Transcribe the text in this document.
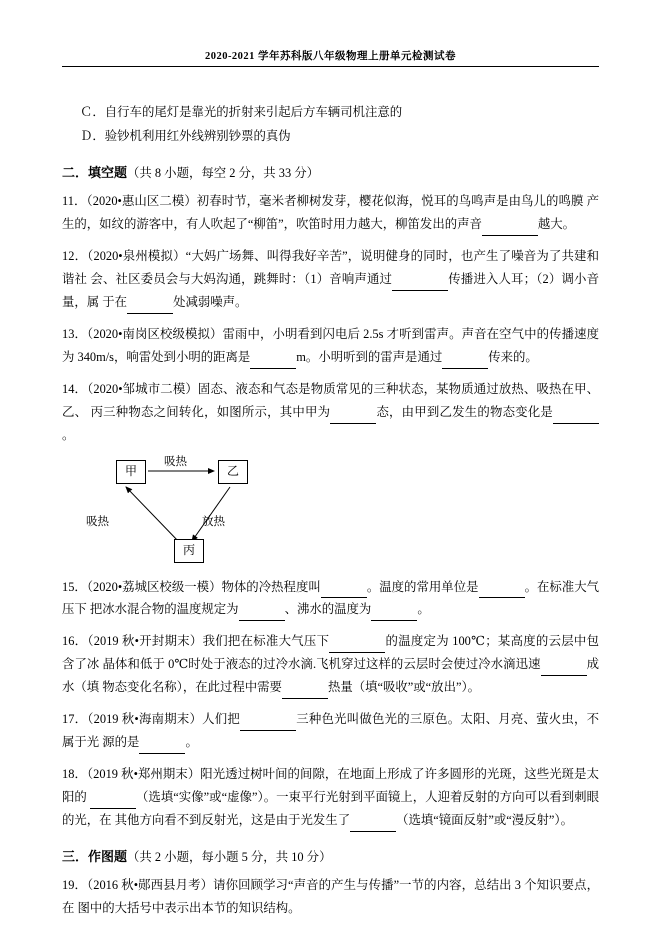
2020-2021 学年苏科版八年级物理上册单元检测试卷
Ｃ．自行车的尾灯是靠光的折射来引起后方车辆司机注意的
Ｄ．验钞机利用红外线辨别钞票的真伪
二．填空题（共 8 小题，每空 2 分，共 33 分）
11．（2020•惠山区二模）初春时节，毫米者柳树发芽，樱花似海，悦耳的鸟鸣声是由鸟儿的鸣膜 产生的，如纹的游客中，有人吹起了“柳笛”，吹笛时用力越大，柳笛发出的声音	越大。
12．（2020•泉州模拟）“大妈广场舞、叫得我好辛苦”，说明健身的同时，也产生了噪音为了共建和谐社 会、社区委员会与大妈沟通，跳舞时：（1）音响声通过	传播进入人耳；（2）调小音量，属 于在	处减弱噪声。
13．（2020•南岗区校级模拟）雷雨中，小明看到闪电后 2.5s 才听到雷声。声音在空气中的传播速度为 340m/s，响雷处到小明的距离是	m。小明听到的雷声是通过	传来的。
14．（2020•邹城市二模）固态、液态和气态是物质常见的三种状态，某物质通过放热、吸热在甲、乙、 丙三种物态之间转化，如图所示，其中甲为	态，由甲到乙发生的物态变化是。
甲	乙
丙
吸热
吸热	放热
15．（2020•荔城区校级一模）物体的冷热程度叫	。温度的常用单位是	。在标准大气压下 把冰水混合物的温度规定为	、沸水的温度为	。
16．（2019 秋•开封期末）我们把在标准大气压下	的温度定为 100℃；某高度的云层中包含了冰 晶体和低于 0℃时处于液态的过冷水滴.飞机穿过这样的云层时会使过冷水滴迅速	成水（填 物态变化名称），在此过程中需要	热量（填“吸收”或“放出”）。
17．（2019 秋•海南期末）人们把	三种色光叫做色光的三原色。太阳、月亮、萤火虫，不属于光 源的是	。
18．（2019 秋•郑州期末）阳光透过树叶间的间隙，在地面上形成了许多圆形的光斑，这些光斑是太阳的	（选填“实像”或“虚像”）。一束平行光射到平面镜上，人迎着反射的方向可以看到刺眼的光，在 其他方向看不到反射光，这是由于光发生了	（选填“镜面反射”或“漫反射”）。
三．作图题（共 2 小题，每小题 5 分，共 10 分）
19．（2016 秋•郧西县月考）请你回顾学习“声音的产生与传播”一节的内容，总结出 3 个知识要点，在 图中的大括号中表示出本节的知识结构。
